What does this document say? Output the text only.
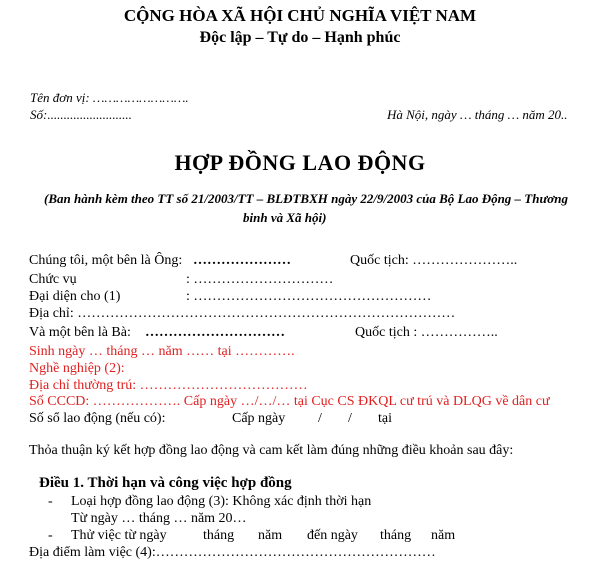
CỘNG HÒA XÃ HỘI CHỦ NGHĨA VIỆT NAM
Độc lập – Tự do – Hạnh phúc
Tên đơn vị: …………………….
Số:..........................	Hà Nội, ngày … tháng … năm 20..
HỢP ĐỒNG LAO ĐỘNG
(Ban hành kèm theo TT số 21/2003/TT – BLĐTBXH ngày 22/9/2003 của Bộ Lao Động – Thương
binh và Xã hội)
Chúng tôi, một bên là Ông: …………………	Quốc tịch: …………………..
Chức vụ	: …………………………
Đại diện cho (1)	: ……………………………………………
Địa chỉ: ………………………………………………………………………
Và một bên là Bà: …………………………	Quốc tịch : ……………..
Sinh ngày … tháng … năm …… tại ………….
Nghề nghiệp (2):
Địa chỉ thường trú: ………………………………
Số CCCD: ………………. Cấp ngày …/…/… tại Cục CS ĐKQL cư trú và DLQG về dân cư
Số sổ lao động (nếu có):	Cấp ngày / / tại
Thỏa thuận ký kết hợp đồng lao động và cam kết làm đúng những điều khoản sau đây:
Điều 1. Thời hạn và công việc hợp đồng
- Loại hợp đồng lao động (3): Không xác định thời hạn
Từ ngày … tháng … năm 20…
- Thử việc từ ngày	tháng năm đến ngày tháng năm
Địa điểm làm việc (4):……………………………………………………
